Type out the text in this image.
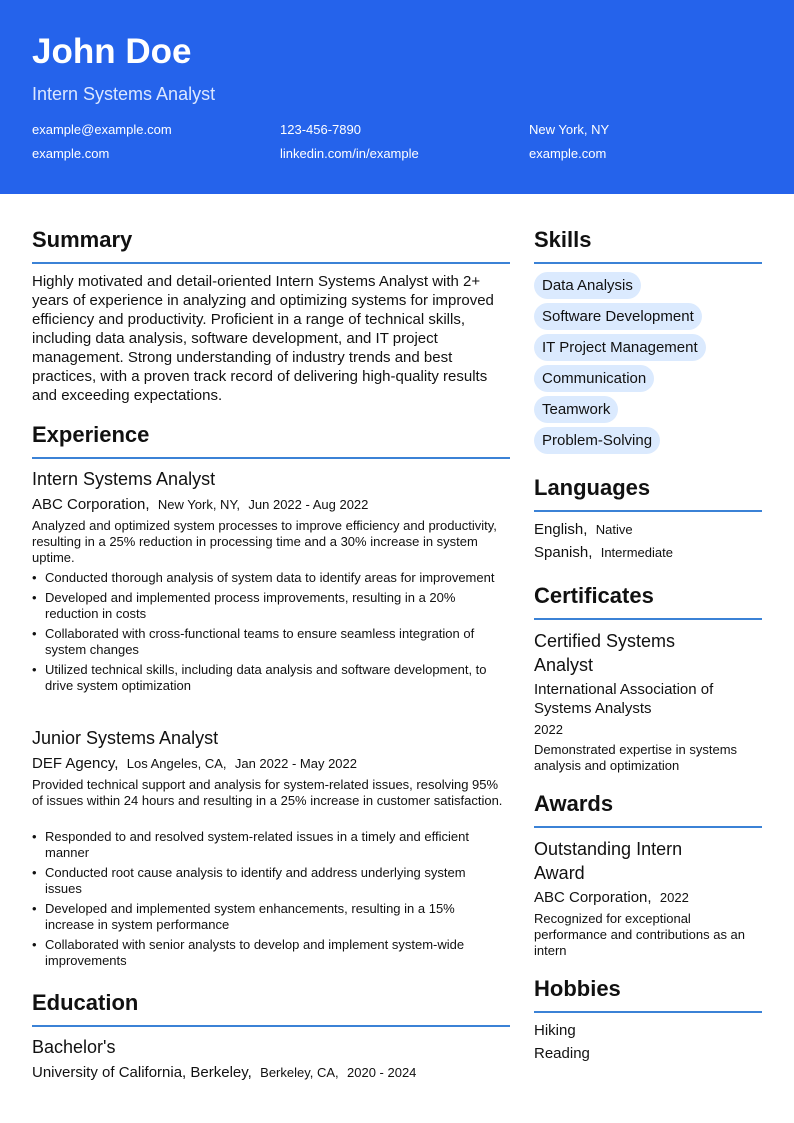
John Doe
Intern Systems Analyst
example@example.com	123-456-7890	New York, NY
example.com	linkedin.com/in/example	example.com
Summary
Highly motivated and detail-oriented Intern Systems Analyst with 2+ years of experience in analyzing and optimizing systems for improved efficiency and productivity. Proficient in a range of technical skills, including data analysis, software development, and IT project management. Strong understanding of industry trends and best practices, with a proven track record of delivering high-quality results and exceeding expectations.
Experience
Intern Systems Analyst
ABC Corporation, New York, NY, Jun 2022 - Aug 2022
Analyzed and optimized system processes to improve efficiency and productivity, resulting in a 25% reduction in processing time and a 30% increase in system uptime.
• Conducted thorough analysis of system data to identify areas for improvement
• Developed and implemented process improvements, resulting in a 20% reduction in costs
• Collaborated with cross-functional teams to ensure seamless integration of system changes
• Utilized technical skills, including data analysis and software development, to drive system optimization
Junior Systems Analyst
DEF Agency, Los Angeles, CA, Jan 2022 - May 2022
Provided technical support and analysis for system-related issues, resolving 95% of issues within 24 hours and resulting in a 25% increase in customer satisfaction.
• Responded to and resolved system-related issues in a timely and efficient manner
• Conducted root cause analysis to identify and address underlying system issues
• Developed and implemented system enhancements, resulting in a 15% increase in system performance
• Collaborated with senior analysts to develop and implement system-wide improvements
Education
Bachelor's
University of California, Berkeley, Berkeley, CA, 2020 - 2024
Skills
Data Analysis
Software Development
IT Project Management
Communication
Teamwork
Problem-Solving
Languages
English, Native
Spanish, Intermediate
Certificates
Certified Systems Analyst
International Association of Systems Analysts
2022
Demonstrated expertise in systems analysis and optimization
Awards
Outstanding Intern Award
ABC Corporation, 2022
Recognized for exceptional performance and contributions as an intern
Hobbies
Hiking
Reading
